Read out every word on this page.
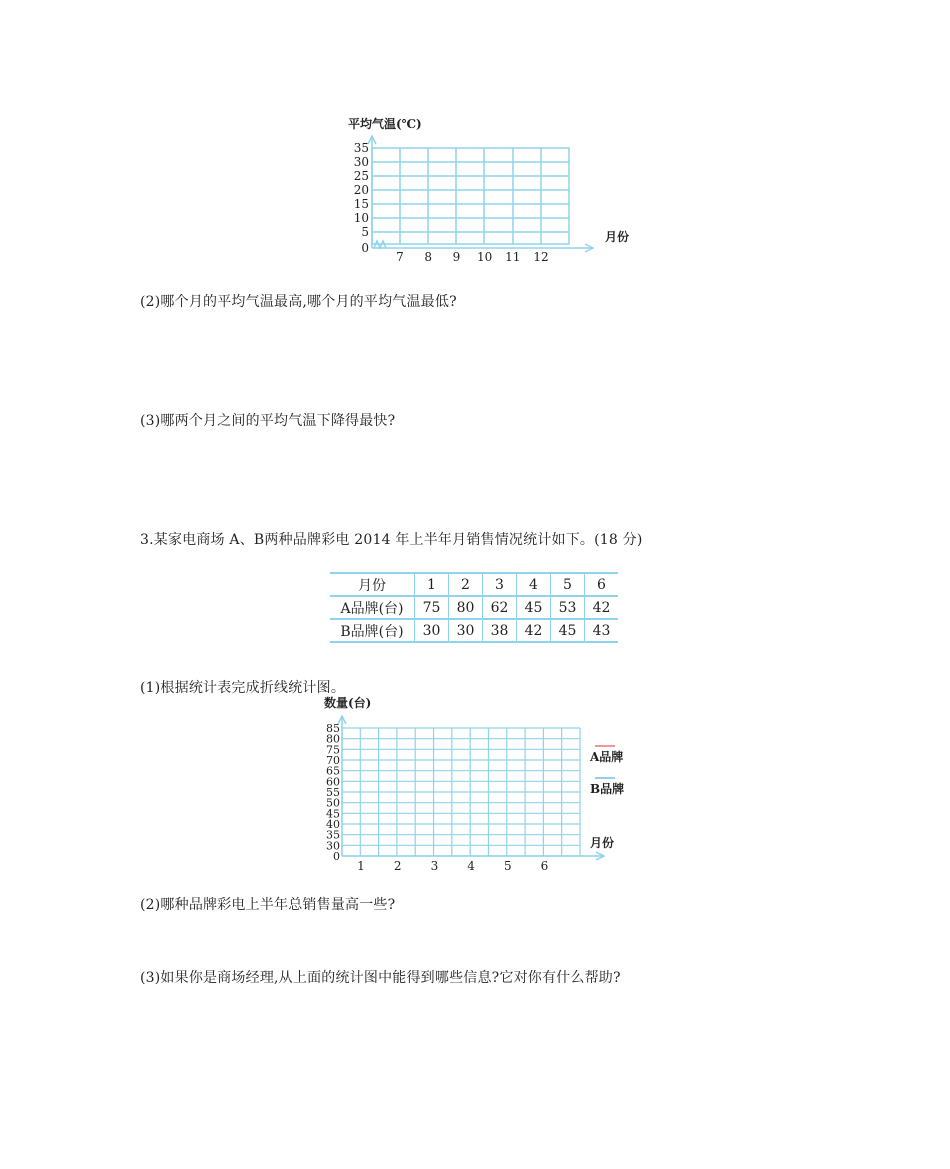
平均气温(℃)
35
30
25
20
15
10
5
0
7 8 9 10 11 12
月份
(2)哪个月的平均气温最高,哪个月的平均气温最低?
(3)哪两个月之间的平均气温下降得最快?
3.某家电商场 A、B两种品牌彩电 2014 年上半年月销售情况统计如下。(18 分)
月份	1	2	3	4	5	6
A品牌(台)	75	80	62	45	53	42
B品牌(台)	30	30	38	42	45	43
(1)根据统计表完成折线统计图。
数量(台)
85
80
75
70
65
60
55
50
45
40
35
30
0
1 2 3 4 5 6
月份
A品牌
B品牌
(2)哪种品牌彩电上半年总销售量高一些?
(3)如果你是商场经理,从上面的统计图中能得到哪些信息?它对你有什么帮助?
